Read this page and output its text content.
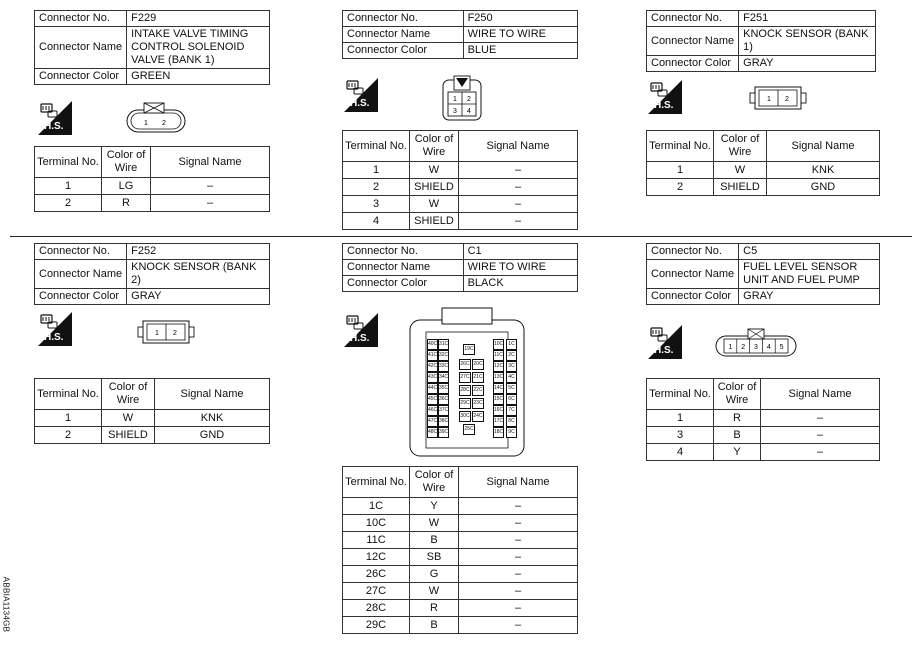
ABBIA1134GB
Connector No.	F229
Connector Name	INTAKE VALVE TIMING CONTROL SOLENOID VALVE (BANK 1)
Connector Color	GREEN
H.S.	1 2
Terminal No.	Color of Wire	Signal Name
1	LG	–
2	R	–
Connector No.	F250
Connector Name	WIRE TO WIRE
Connector Color	BLUE
H.S.	1 2
3 4
Terminal No.	Color of Wire	Signal Name
1	W	–
2	SHIELD	–
3	W	–
4	SHIELD	–
Connector No.	F251
Connector Name	KNOCK SENSOR (BANK 1)
Connector Color	GRAY
H.S.
1 2
Terminal No.	Color of Wire	Signal Name
1	W	KNK
2	SHIELD	GND
Connector No.	F252
Connector Name	KNOCK SENSOR (BANK 2)
Connector Color	GRAY
H.S.	1 2
Terminal No.	Color of Wire	Signal Name
1	W	KNK
2	SHIELD	GND
Connector No.	C1
Connector Name	WIRE TO WIRE
Connector Color	BLACK
H.S.	40C
41C
42C
43C
44C
45C
46C
47C
48C
31C
32C
33C
34C
35C
36C
37C
38C
39C
19C
26C
27C
28C
29C
30C
25C
20C
21C
22C
23C
24C
10C
11C
12C
13C
14C
15C
16C
17C
18C
1C
2C
3C
4C
5C
6C
7C
8C
9C
Terminal No.	Color of Wire	Signal Name
1C	Y	–
10C	W	–
11C	B	–
12C	SB	–
26C	G	–
27C	W	–
28C	R	–
29C	B	–
Connector No.	C5
Connector Name	FUEL LEVEL SENSOR UNIT AND FUEL PUMP
Connector Color	GRAY
H.S.	1 2 3 4 5
Terminal No.	Color of Wire	Signal Name
1	R	–
3	B	–
4	Y	–
